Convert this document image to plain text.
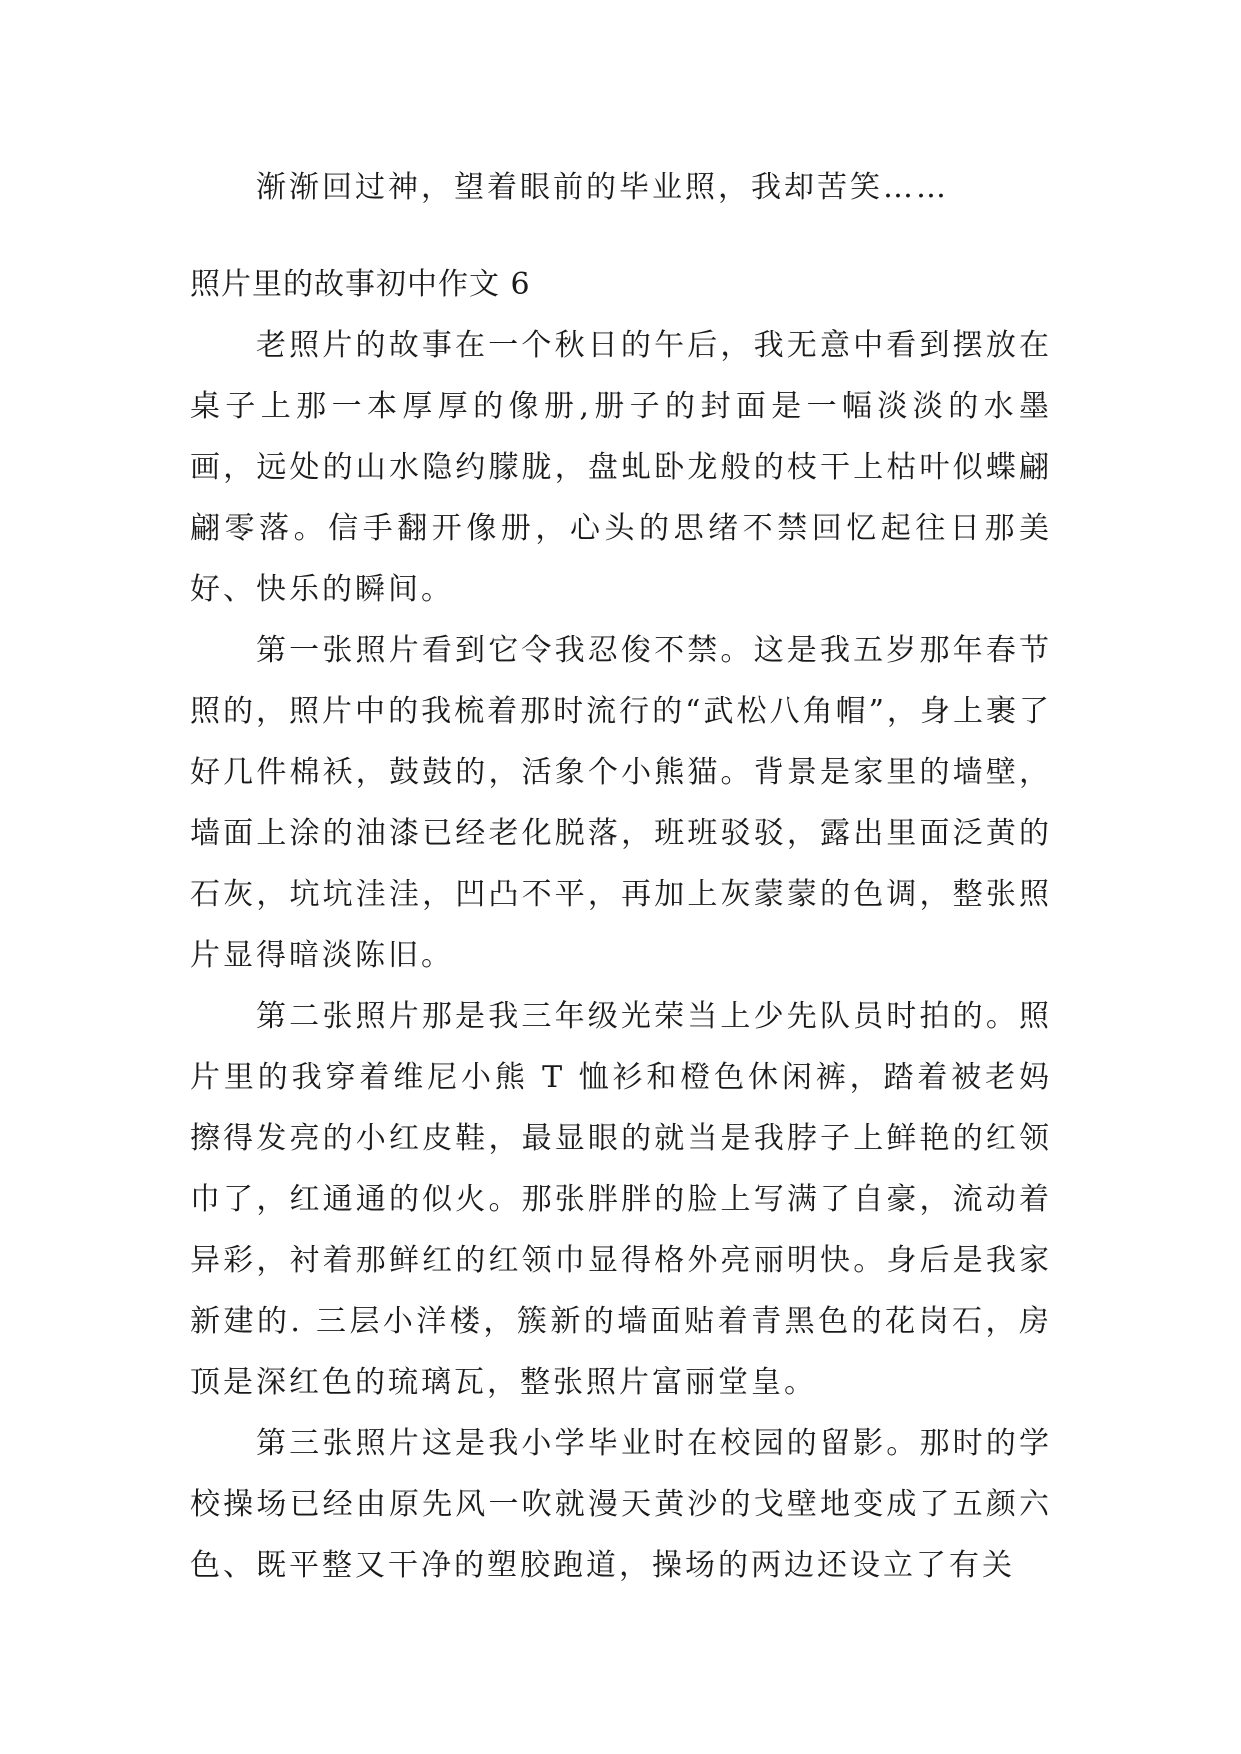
渐渐回过神，望着眼前的毕业照，我却苦笑……

照片里的故事初中作文 6

老照片的故事在一个秋日的午后，我无意中看到摆放在桌子上那一本厚厚的像册,册子的封面是一幅淡淡的水墨画，远处的山水隐约朦胧，盘虬卧龙般的枝干上枯叶似蝶翩翩零落。信手翻开像册，心头的思绪不禁回忆起往日那美好、快乐的瞬间。

第一张照片看到它令我忍俊不禁。这是我五岁那年春节照的，照片中的我梳着那时流行的“武松八角帽”，身上裹了好几件棉袄，鼓鼓的，活象个小熊猫。背景是家里的墙壁，墙面上涂的油漆已经老化脱落，班班驳驳，露出里面泛黄的石灰，坑坑洼洼，凹凸不平，再加上灰蒙蒙的色调，整张照片显得暗淡陈旧。

第二张照片那是我三年级光荣当上少先队员时拍的。照片里的我穿着维尼小熊 T 恤衫和橙色休闲裤，踏着被老妈擦得发亮的小红皮鞋，最显眼的就当是我脖子上鲜艳的红领巾了，红通通的似火。那张胖胖的脸上写满了自豪，流动着异彩，衬着那鲜红的红领巾显得格外亮丽明快。身后是我家新建的. 三层小洋楼，簇新的墙面贴着青黑色的花岗石，房顶是深红色的琉璃瓦，整张照片富丽堂皇。

第三张照片这是我小学毕业时在校园的留影。那时的学校操场已经由原先风一吹就漫天黄沙的戈壁地变成了五颜六色、既平整又干净的塑胶跑道，操场的两边还设立了有关
